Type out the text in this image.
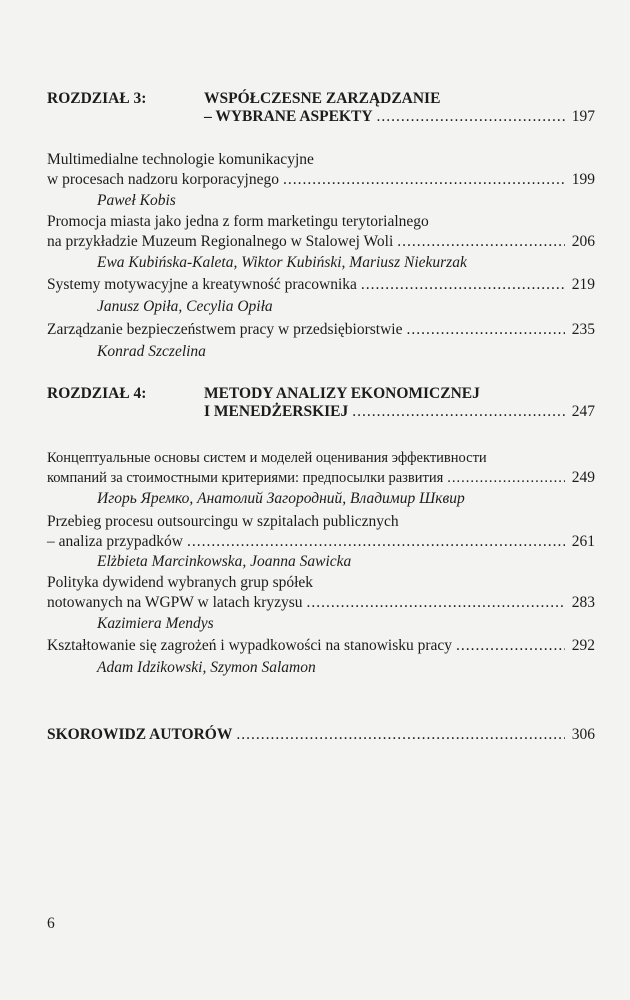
ROZDZIAŁ 3:	WSPÓŁCZESNE ZARZĄDZANIE
– WYBRANE ASPEKTY .....	197
Multimedialne technologie komunikacyjne
w procesach nadzoru korporacyjnego .....	199
Paweł Kobis
Promocja miasta jako jedna z form marketingu terytorialnego
na przykładzie Muzeum Regionalnego w Stalowej Woli .....	206
Ewa Kubińska-Kaleta, Wiktor Kubiński, Mariusz Niekurzak
Systemy motywacyjne a kreatywność pracownika .....	219
Janusz Opiła, Cecylia Opiła
Zarządzanie bezpieczeństwem pracy w przedsiębiorstwie .....	235
Konrad Szczelina
ROZDZIAŁ 4:	METODY ANALIZY EKONOMICZNEJ
I MENEDŻERSKIEJ .....	247
Концептуальные основы систем и моделей оценивания эффективности
компаний за стоимостными критериями: предпосылки развития .....	249
Игорь Яремко, Анатолий Загородний, Владимир Шквир
Przebieg procesu outsourcingu w szpitalach publicznych
– analiza przypadków .....	261
Elżbieta Marcinkowska, Joanna Sawicka
Polityka dywidend wybranych grup spółek
notowanych na WGPW w latach kryzysu .....	283
Kazimiera Mendys
Kształtowanie się zagrożeń i wypadkowości na stanowisku pracy .....	292
Adam Idzikowski, Szymon Salamon
SKOROWIDZ AUTORÓW .....	306
6
